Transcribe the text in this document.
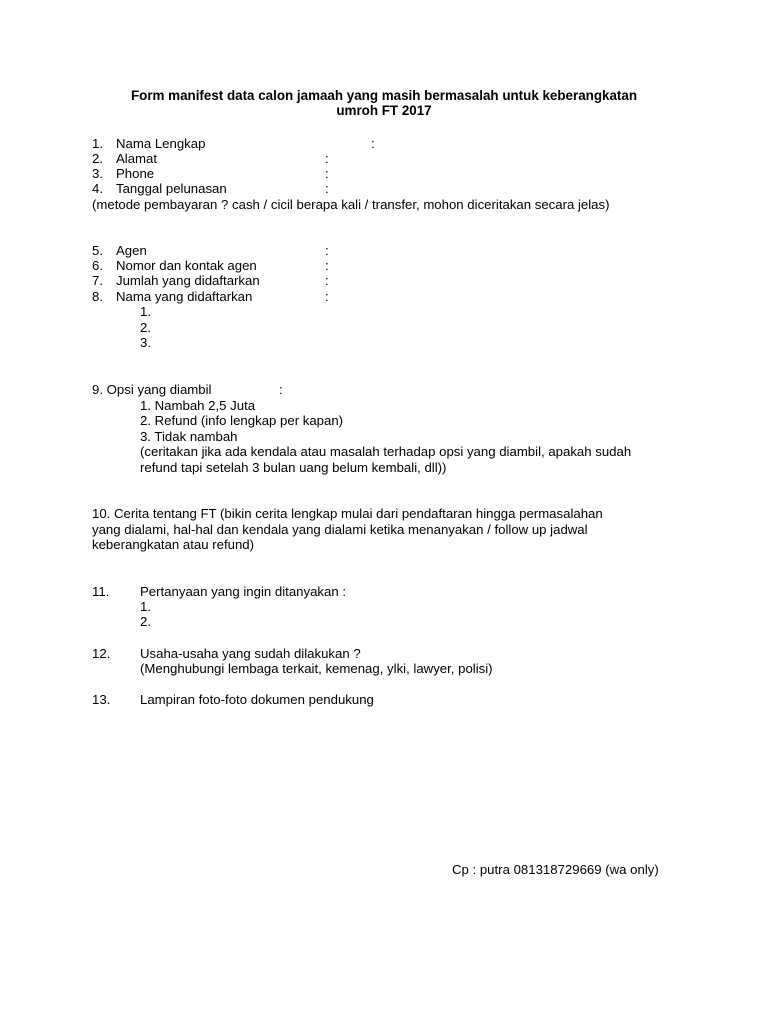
Form manifest data calon jamaah yang masih bermasalah untuk keberangkatan
umroh FT 2017
1. Nama Lengkap	:
2. Alamat	:
3. Phone	:
4. Tanggal pelunasan	:
(metode pembayaran ? cash / cicil berapa kali / transfer, mohon diceritakan secara jelas)
5. Agen	:
6. Nomor dan kontak agen	:
7. Jumlah yang didaftarkan	:
8. Nama yang didaftarkan	:
1.
2.
3.
9. Opsi yang diambil	:
1. Nambah 2,5 Juta
2. Refund (info lengkap per kapan)
3. Tidak nambah
(ceritakan jika ada kendala atau masalah terhadap opsi yang diambil, apakah sudah
refund tapi setelah 3 bulan uang belum kembali, dll))
10. Cerita tentang FT (bikin cerita lengkap mulai dari pendaftaran hingga permasalahan
yang dialami, hal-hal dan kendala yang dialami ketika menanyakan / follow up jadwal
keberangkatan atau refund)
11. Pertanyaan yang ingin ditanyakan :
1.
2.
12. Usaha-usaha yang sudah dilakukan ?
(Menghubungi lembaga terkait, kemenag, ylki, lawyer, polisi)
13. Lampiran foto-foto dokumen pendukung
Cp : putra 081318729669 (wa only)
